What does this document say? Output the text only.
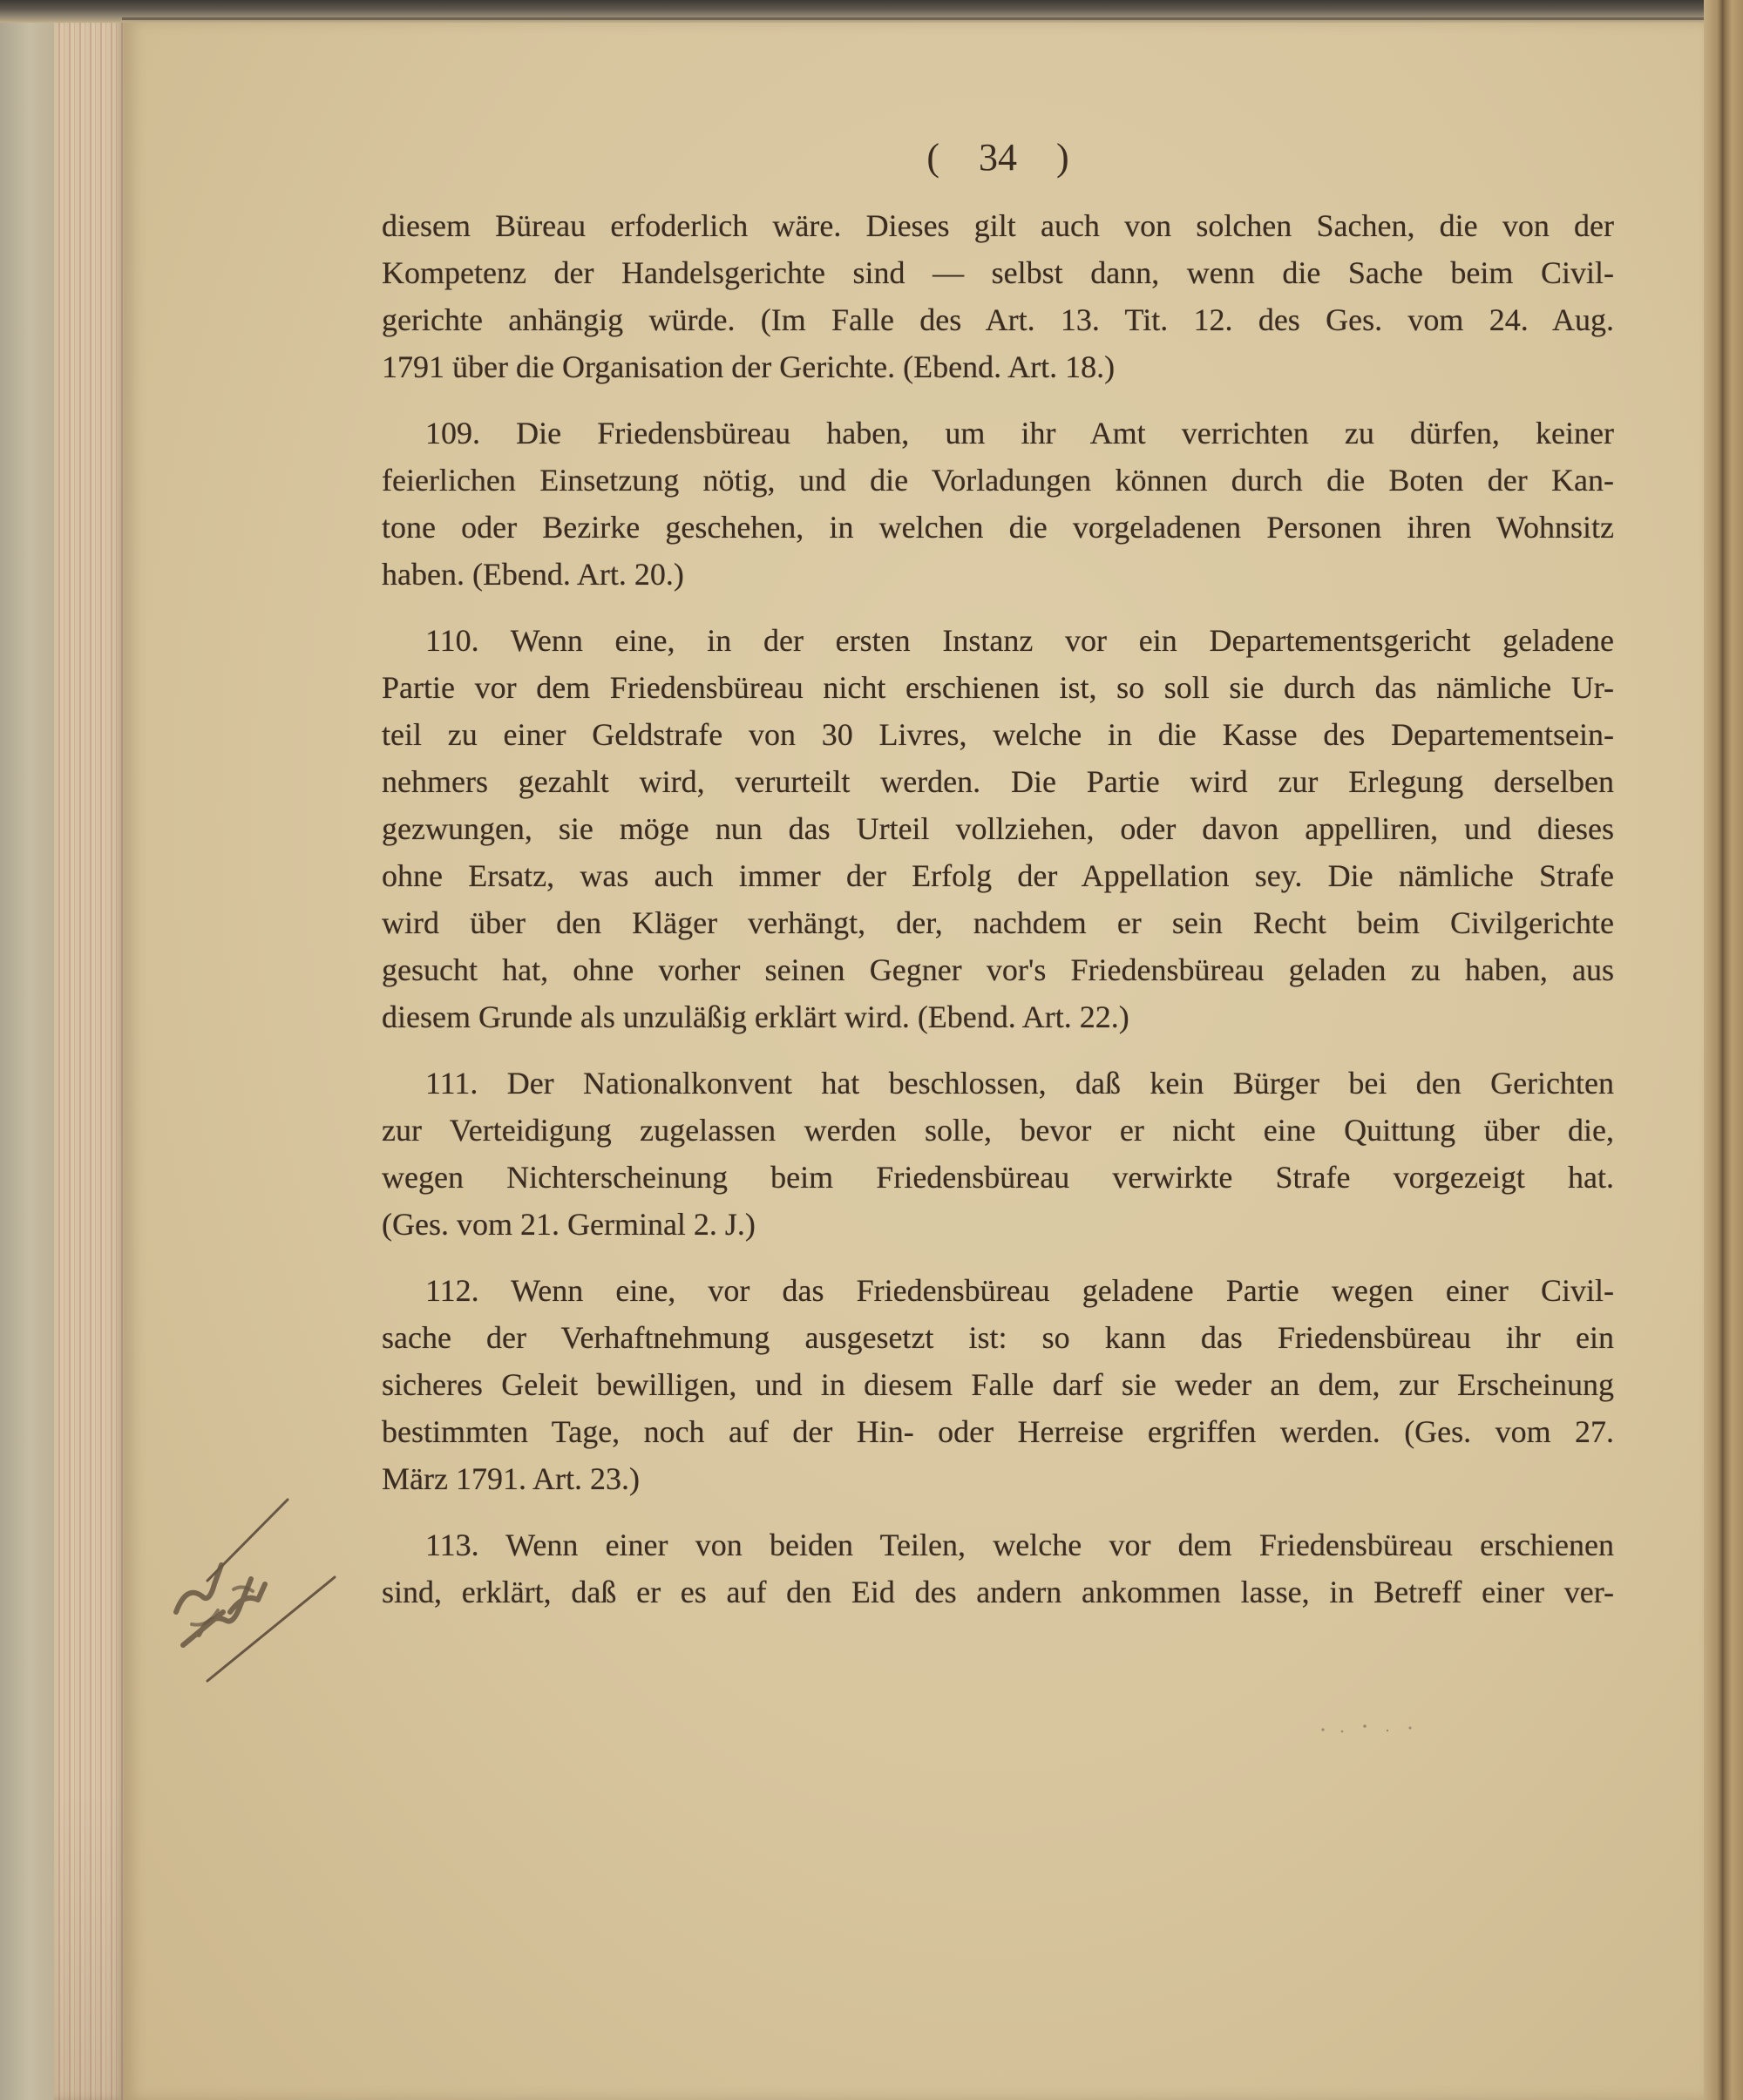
( 34 )
diesem Büreau erfoderlich wäre. Dieses gilt auch von solchen Sachen, die von der
Kompetenz der Handelsgerichte sind — selbst dann, wenn die Sache beim Civil-
gerichte anhängig würde. (Im Falle des Art. 13. Tit. 12. des Ges. vom 24. Aug.
1791 über die Organisation der Gerichte. (Ebend. Art. 18.)
109. Die Friedensbüreau haben, um ihr Amt verrichten zu dürfen, keiner
feierlichen Einsetzung nötig, und die Vorladungen können durch die Boten der Kan-
tone oder Bezirke geschehen, in welchen die vorgeladenen Personen ihren Wohnsitz
haben. (Ebend. Art. 20.)
110. Wenn eine, in der ersten Instanz vor ein Departementsgericht geladene
Partie vor dem Friedensbüreau nicht erschienen ist, so soll sie durch das nämliche Ur-
teil zu einer Geldstrafe von 30 Livres, welche in die Kasse des Departementsein-
nehmers gezahlt wird, verurteilt werden. Die Partie wird zur Erlegung derselben
gezwungen, sie möge nun das Urteil vollziehen, oder davon appelliren, und dieses
ohne Ersatz, was auch immer der Erfolg der Appellation sey. Die nämliche Strafe
wird über den Kläger verhängt, der, nachdem er sein Recht beim Civilgerichte
gesucht hat, ohne vorher seinen Gegner vor's Friedensbüreau geladen zu haben, aus
diesem Grunde als unzuläßig erklärt wird. (Ebend. Art. 22.)
111. Der Nationalkonvent hat beschlossen, daß kein Bürger bei den Gerichten
zur Verteidigung zugelassen werden solle, bevor er nicht eine Quittung über die,
wegen Nichterscheinung beim Friedensbüreau verwirkte Strafe vorgezeigt hat.
(Ges. vom 21. Germinal 2. J.)
112. Wenn eine, vor das Friedensbüreau geladene Partie wegen einer Civil-
sache der Verhaftnehmung ausgesetzt ist: so kann das Friedensbüreau ihr ein
sicheres Geleit bewilligen, und in diesem Falle darf sie weder an dem, zur Erscheinung
bestimmten Tage, noch auf der Hin- oder Herreise ergriffen werden. (Ges. vom 27.
März 1791. Art. 23.)
113. Wenn einer von beiden Teilen, welche vor dem Friedensbüreau erschienen
sind, erklärt, daß er es auf den Eid des andern ankommen lasse, in Betreff einer ver-
